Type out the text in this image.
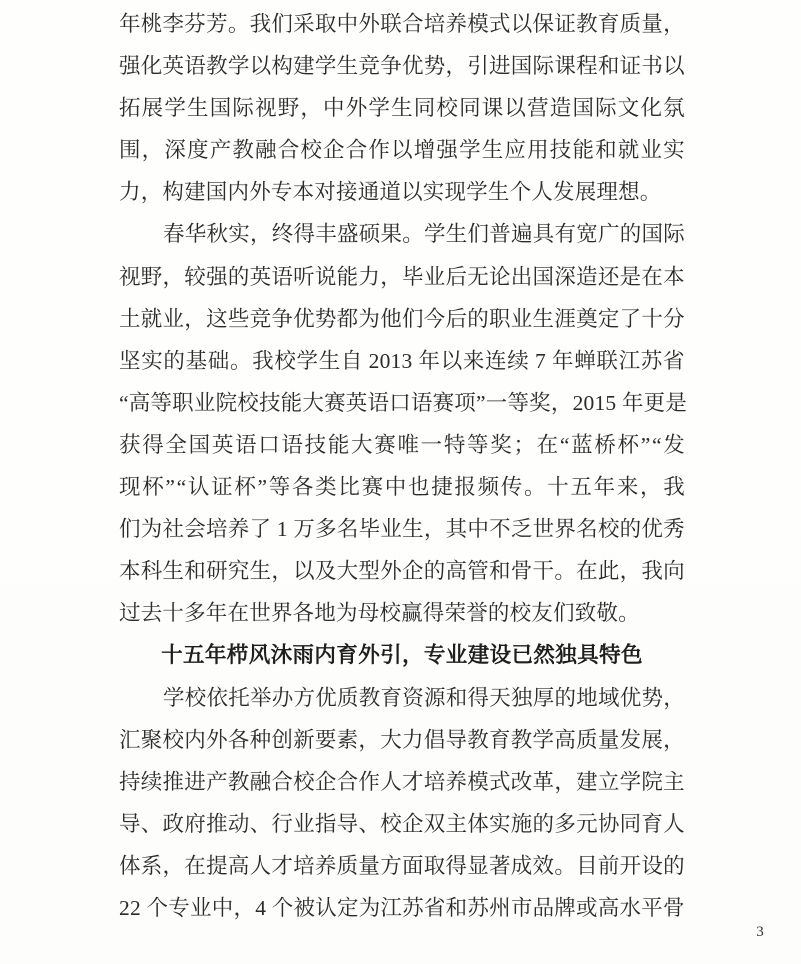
年 桃 李 芬 芳 。 我 们 采 取 中 外 联 合 培 养 模 式 以 保 证 教 育 质 量 ，
强 化 英 语 教 学 以 构 建 学 生 竞 争 优 势 ， 引 进 国 际 课 程 和 证 书 以
拓 展 学 生 国 际 视 野 ， 中 外 学 生 同 校 同 课 以 营 造 国 际 文 化 氛
围 ， 深 度 产 教 融 合 校 企 合 作 以 增 强 学 生 应 用 技 能 和 就 业 实
力，构建国内外专本对接通道以实现学生个人发展理想。
春 华 秋 实 ， 终 得 丰 盛 硕 果 。 学 生 们 普 遍 具 有 宽 广 的 国 际
视 野 ， 较 强 的 英 语 听 说 能 力 ， 毕 业 后 无 论 出 国 深 造 还 是 在 本
土 就 业 ， 这 些 竞 争 优 势 都 为 他 们 今 后 的 职 业 生 涯 奠 定 了 十 分
坚 实 的 基 础 。 我 校 学 生 自 2013 年 以 来 连 续 7 年 蝉 联 江 苏 省
“ 高 等 职 业 院 校 技 能 大 赛 英 语 口 语 赛 项 ” 一 等 奖 ， 2015 年 更 是
获 得 全 国 英 语 口 语 技 能 大 赛 唯 一 特 等 奖 ； 在 “ 蓝 桥 杯 ” “ 发
现 杯 ” “ 认 证 杯 ” 等 各 类 比 赛 中 也 捷 报 频 传 。 十 五 年 来 ， 我
们 为 社 会 培 养 了 1 万 多 名 毕 业 生 ， 其 中 不 乏 世 界 名 校 的 优 秀
本 科 生 和 研 究 生 ， 以 及 大 型 外 企 的 高 管 和 骨 干 。 在 此 ， 我 向
过去十多年在世界各地为母校赢得荣誉的校友们致敬。
十五年栉风沐雨内育外引，专业建设已然独具特色
学 校 依 托 举 办 方 优 质 教 育 资 源 和 得 天 独 厚 的 地 域 优 势 ，
汇 聚 校 内 外 各 种 创 新 要 素 ， 大 力 倡 导 教 育 教 学 高 质 量 发 展 ，
持 续 推 进 产 教 融 合 校 企 合 作 人 才 培 养 模 式 改 革 ， 建 立 学 院 主
导 、 政 府 推 动 、 行 业 指 导 、 校 企 双 主 体 实 施 的 多 元 协 同 育 人
体 系 ， 在 提 高 人 才 培 养 质 量 方 面 取 得 显 著 成 效 。 目 前 开 设 的
22 个 专 业 中 ， 4 个 被 认 定 为 江 苏 省 和 苏 州 市 品 牌 或 高 水 平 骨
3
